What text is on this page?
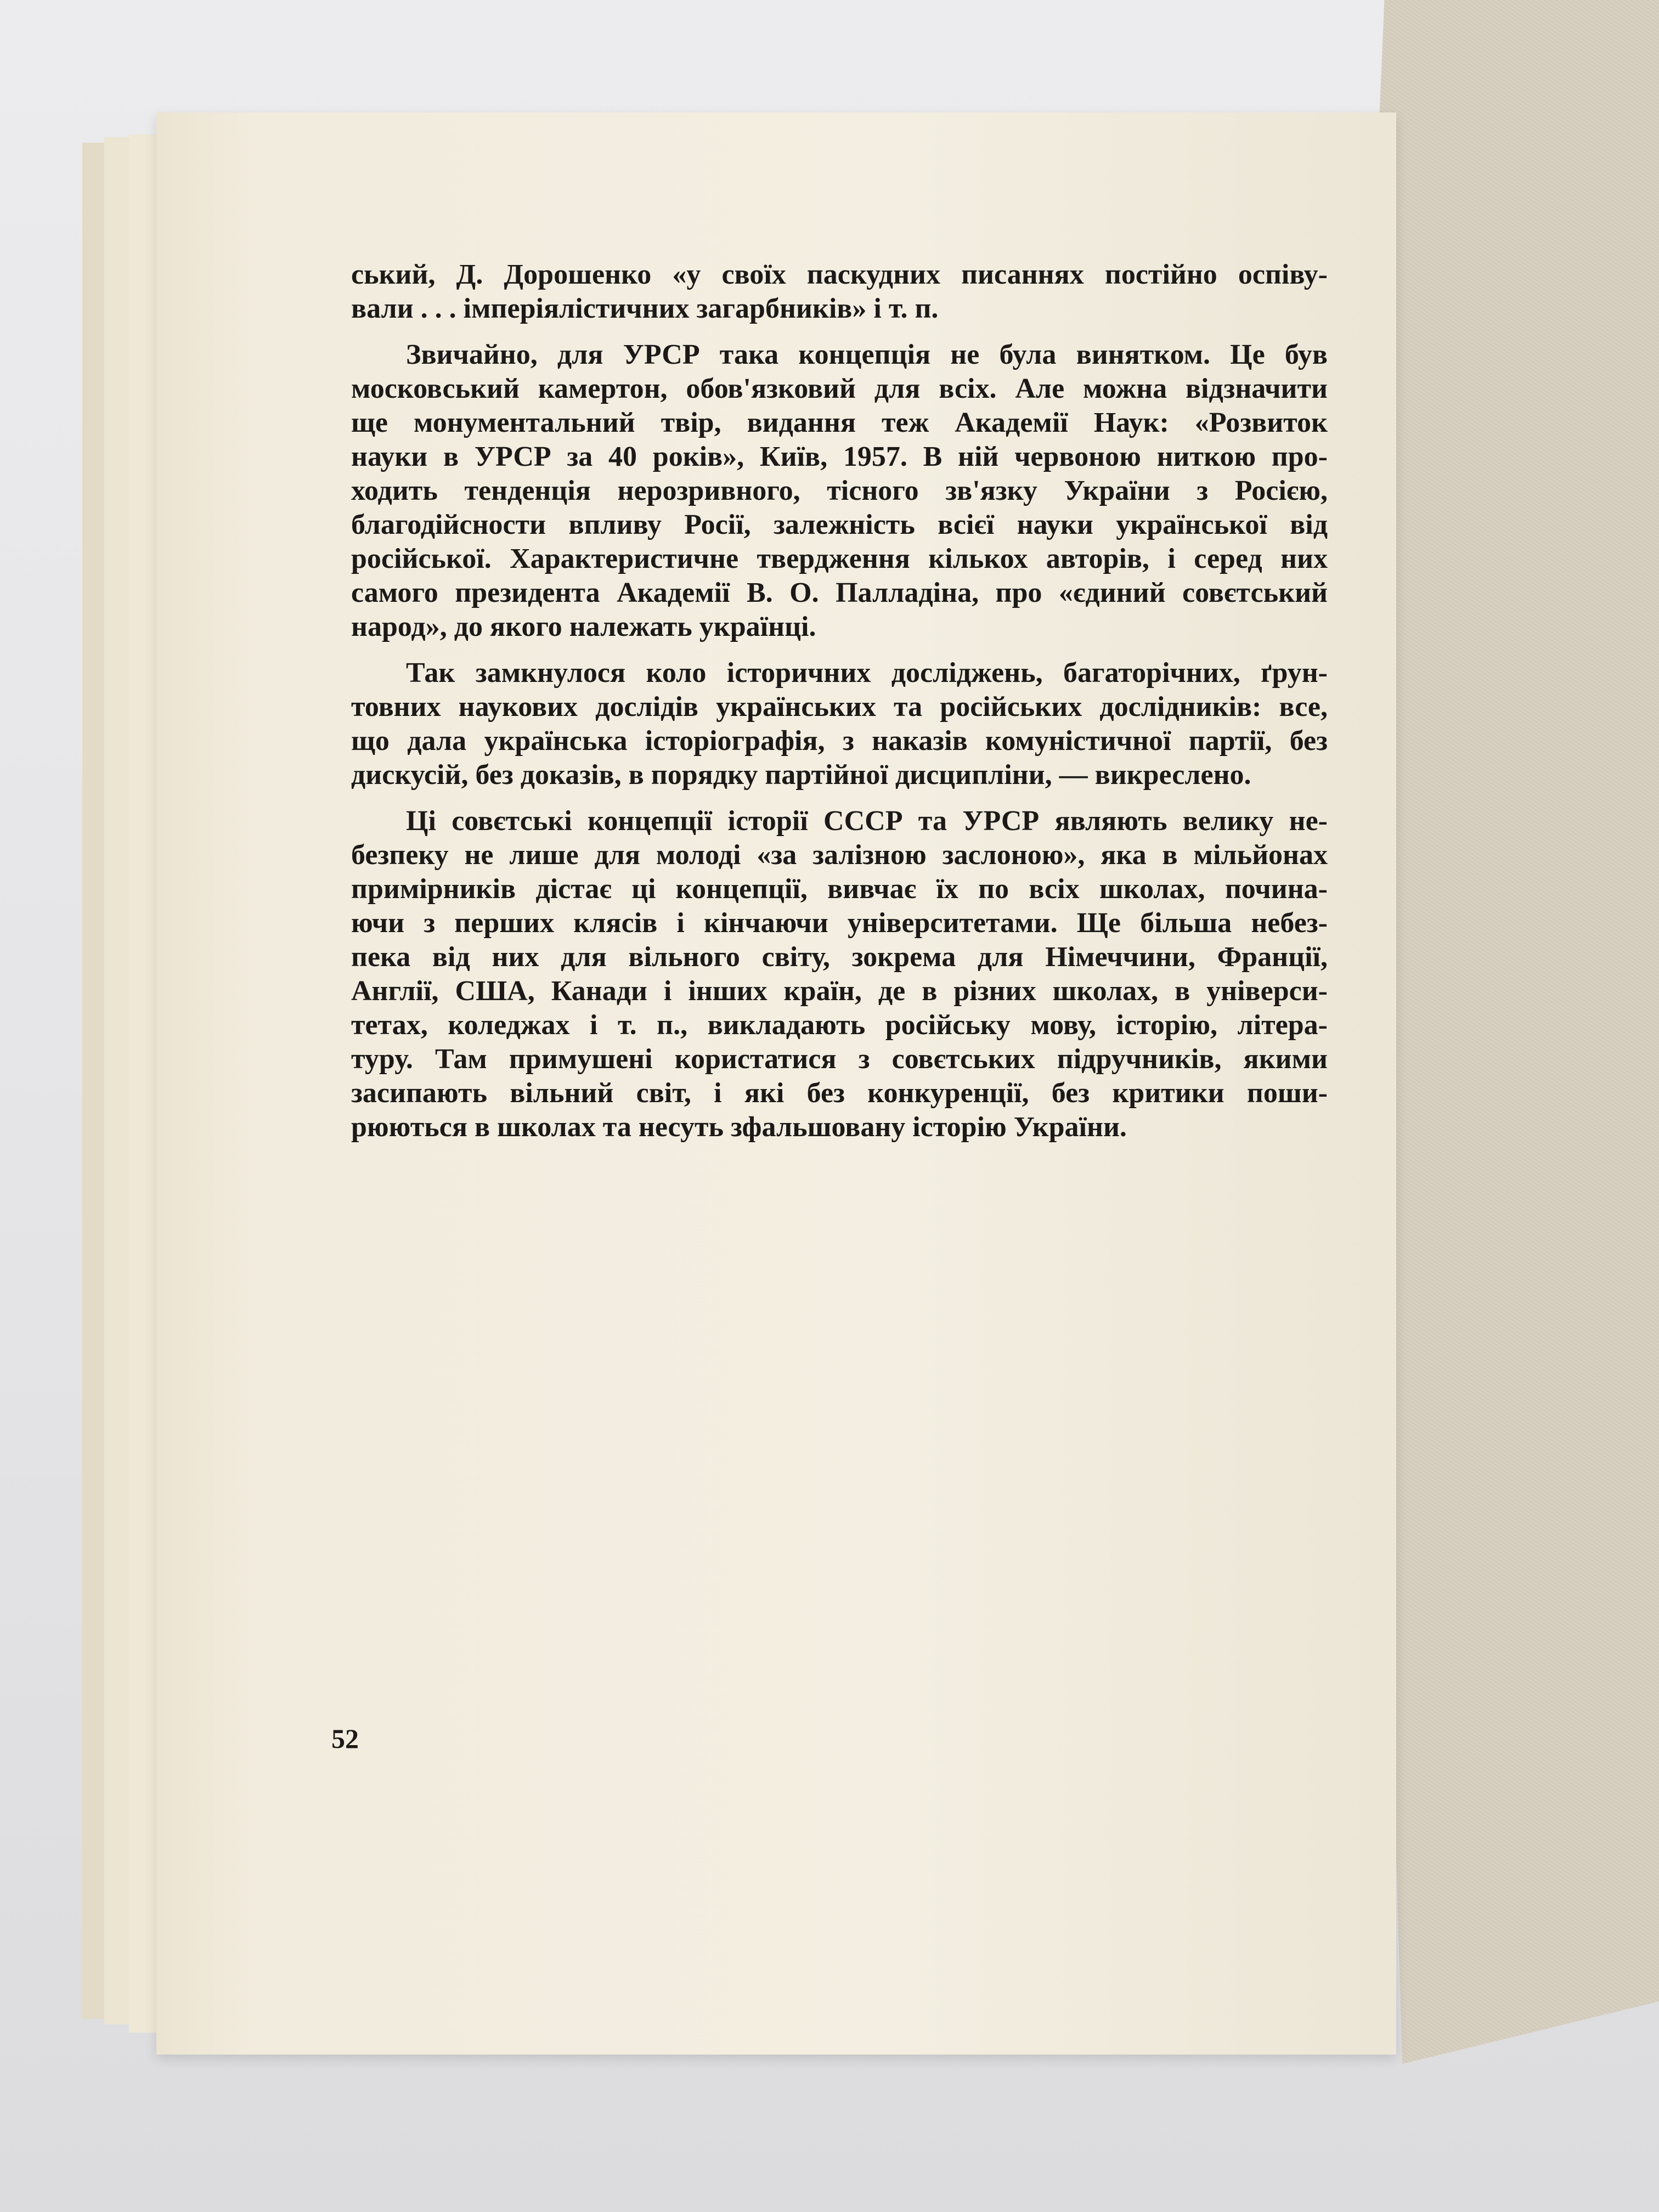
ський, Д. Дорошенко «у своїх паскудних писаннях постійно оспіву-
вали . . . імперіялістичних загарбників» і т. п.
Звичайно, для УРСР така концепція не була винятком. Це був
московський камертон, обов'язковий для всіх. Але можна відзначити
ще монументальний твір, видання теж Академії Наук: «Розвиток
науки в УРСР за 40 років», Київ, 1957. В ній червоною ниткою про-
ходить тенденція нерозривного, тісного зв'язку України з Росією,
благодійсности впливу Росії, залежність всієї науки української від
російської. Характеристичне твердження кількох авторів, і серед них
самого президента Академії В. О. Палладіна, про «єдиний совєтський
народ», до якого належать українці.
Так замкнулося коло історичних досліджень, багаторічних, ґрун-
товних наукових дослідів українських та російських дослідників: все,
що дала українська історіографія, з наказів комуністичної партії, без
дискусій, без доказів, в порядку партійної дисципліни, — викреслено.
Ці совєтські концепції історії СССР та УРСР являють велику не-
безпеку не лише для молоді «за залізною заслоною», яка в мільйонах
примірників дістає ці концепції, вивчає їх по всіх школах, почина-
ючи з перших клясів і кінчаючи університетами. Ще більша небез-
пека від них для вільного світу, зокрема для Німеччини, Франції,
Англії, США, Канади і інших країн, де в різних школах, в універси-
тетах, коледжах і т. п., викладають російську мову, історію, літера-
туру. Там примушені користатися з совєтських підручників, якими
засипають вільний світ, і які без конкуренції, без критики поши-
рюються в школах та несуть зфальшовану історію України.
52
